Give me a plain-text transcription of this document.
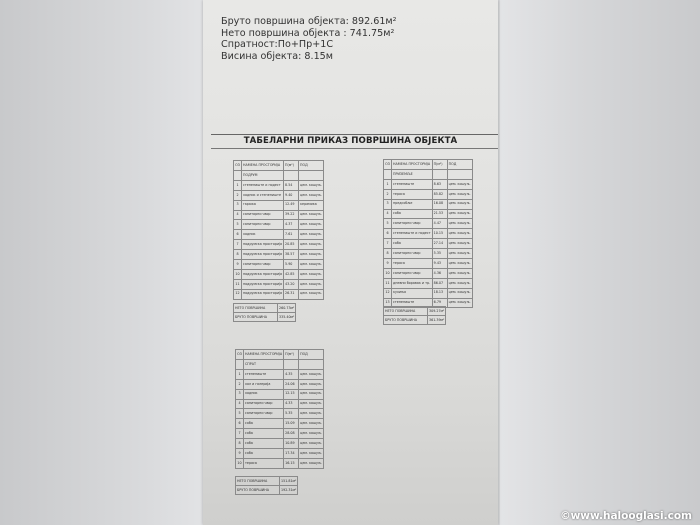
Бруто површина објекта: 892.61м²
Нето површина објекта : 741.75м²
Спратност:По+Пр+1С
Висина објекта: 8.15м
ТАБЕЛАРНИ ПРИКАЗ ПОВРШИНА ОБЈЕКТА
ОЗ	НАМЕНА ПРОСТОРИЈА	П(м²)	ПОД
	ПОДРУМ		
1	степениште и подест	8.54	цем. кошуљ.
2	ходник и степениште	9.40	цем. кошуљ.
3	гаража	12.49	керамика
4	санитарни чвор	39.22	цем. кошуљ.
5	санитарни чвор	4.37	цем. кошуљ.
6	ходник	7.61	цем. кошуљ.
7	подрумска просторија	20.85	цем. кошуљ.
8	подрумска просторија	38.57	цем. кошуљ.
9	санитарни чвор	5.90	цем. кошуљ.
10	подрумска просторија	42.85	цем. кошуљ.
11	подрумска просторија	43.20	цем. кошуљ.
12	подрумска просторија	26.31	цем. кошуљ.
НЕТО ПОВРШИНА	260.73м²
БРУТО ПОВРШИНА	335.40м²
ОЗ	НАМЕНА ПРОСТОРИЈА	П(м²)	ПОД
	ПРИЗЕМЉЕ		
1	степениште	8.63	цем. кошуљ.
2	тераса	85.82	цем. кошуљ.
3	предсобље	16.08	цем. кошуљ.
4	соба	21.53	цем. кошуљ.
5	санитарни чвор	4.47	цем. кошуљ.
6	степениште и подест	10.15	цем. кошуљ.
7	соба	27.14	цем. кошуљ.
8	санитарни чвор	5.35	цем. кошуљ.
9	тераса	9.43	цем. кошуљ.
10	санитарни чвор	4.36	цем. кошуљ.
11	дневни боравак и тр.	86.07	цем. кошуљ.
12	кухиња	18.13	цем. кошуљ.
13	степениште	6.79	цем. кошуљ.
НЕТО ПОВРШИНА	309.27м²
БРУТО ПОВРШИНА	361.39м²
ОЗ	НАМЕНА ПРОСТОРИЈА	П(м²)	ПОД
	СПРАТ		
1	степениште	4.35	цем. кошуљ.
2	хол и галерија	24.06	цем. кошуљ.
3	ходник	12.15	цем. кошуљ.
4	санитарни чвор	4.33	цем. кошуљ.
5	санитарни чвор	5.35	цем. кошуљ.
6	соба	15.09	цем. кошуљ.
7	соба	28.08	цем. кошуљ.
8	соба	10.89	цем. кошуљ.
9	соба	17.34	цем. кошуљ.
10	тераса	16.15	цем. кошуљ.
НЕТО ПОВРШИНА	151.81м²
БРУТО ПОВРШИНА	192.31м²
©www.halooglasi.com
